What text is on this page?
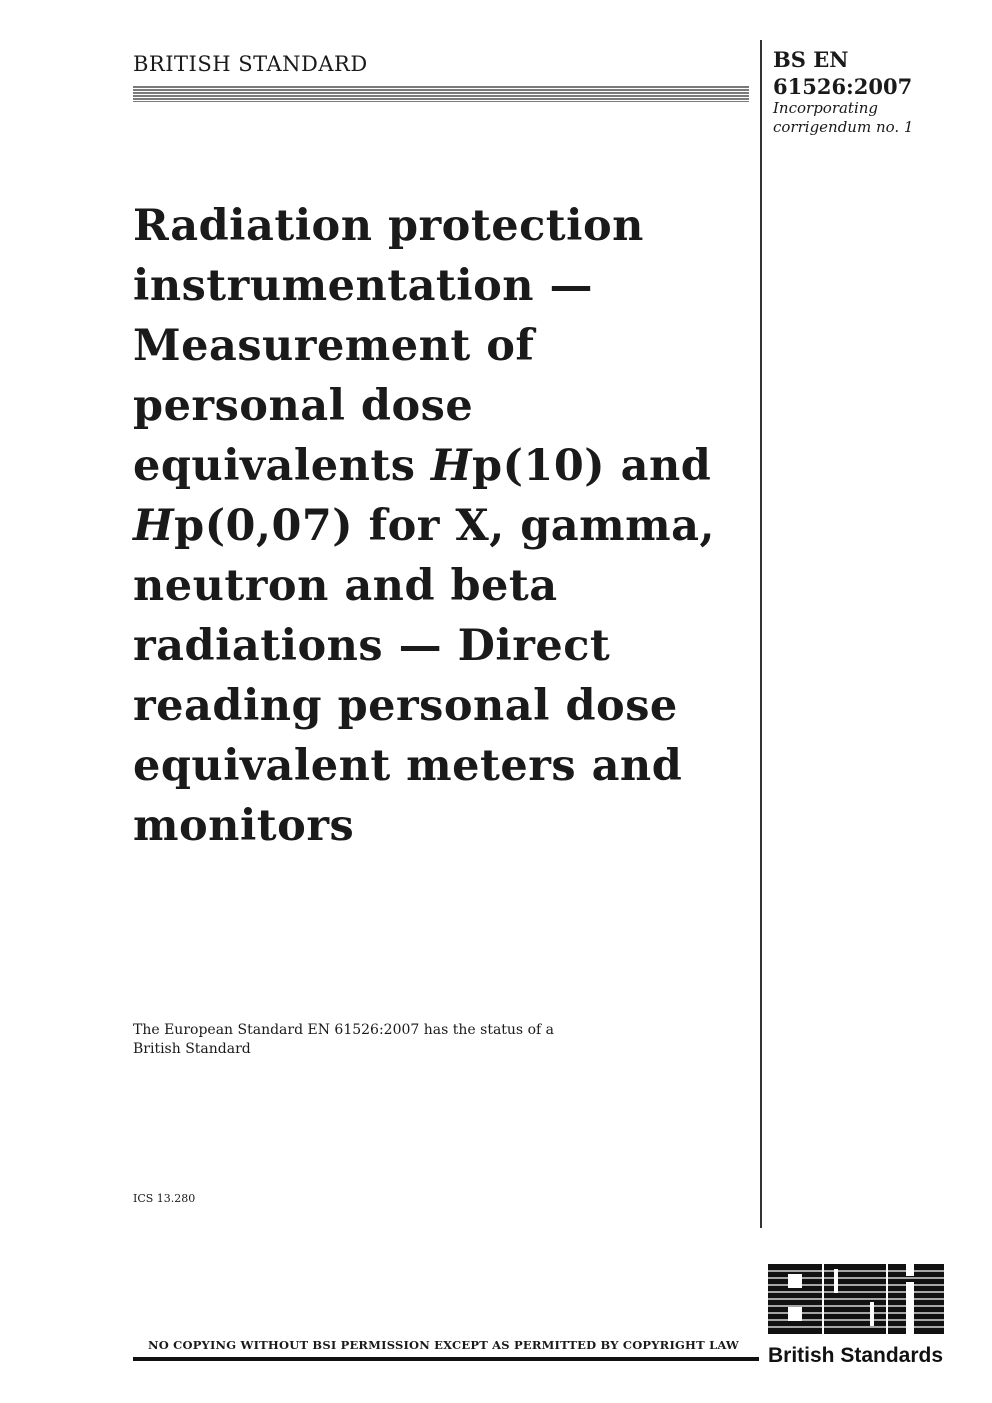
BRITISH STANDARD	BS EN
61526:2007
Incorporating
corrigendum no. 1
Radiation protection
instrumentation —
Measurement of
personal dose
equivalents Hp(10) and
Hp(0,07) for X, gamma,
neutron and beta
radiations — Direct
reading personal dose
equivalent meters and
monitors
The European Standard EN 61526:2007 has the status of a
British Standard
ICS 13.280
NO COPYING WITHOUT BSI PERMISSION EXCEPT AS PERMITTED BY COPYRIGHT LAW British Standards
